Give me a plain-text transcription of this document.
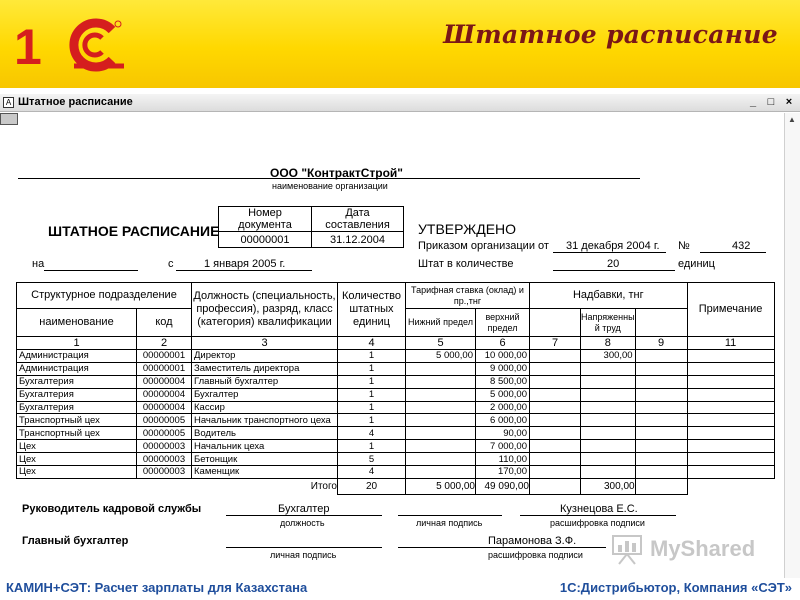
1	Штатное расписание
A Штатное расписание	_	□	×
▲
ООО "КонтрактСтрой"
наименование организации
ШТАТНОЕ РАСПИСАНИЕ
Номер документа	Дата составления
00000001	31.12.2004
УТВЕРЖДЕНО
Приказом организации от 31 декабря 2004 г. №	432
Штат в количестве	20	единиц
на	с	1 января 2005 г.
Структурное подразделение		Должность (специальность, профессия), разряд, класс (категория) квалификации	Количество штатных единиц	Тарифная ставка (оклад) и пр.,тнг		Надбавки, тнг			Примечание
наименование	код			Нижний предел	верхний предел		Напряженны й труд		
1	2	3	4	5	6	7	8	9	11
Администрация	00000001	Директор	1	5 000,00	10 000,00		300,00		
Администрация	00000001	Заместитель директора	1		9 000,00				
Бухгалтерия	00000004	Главный бухгалтер	1		8 500,00				
Бухгалтерия	00000004	Бухгалтер	1		5 000,00				
Бухгалтерия	00000004	Кассир	1		2 000,00				
Транспортный цех	00000005	Начальник транспортного цеха	1		6 000,00				
Транспортный цех	00000005	Водитель	4		90,00				
Цех	00000003	Начальник цеха	1		7 000,00				
Цех	00000003	Бетонщик	5		110,00				
Цех	00000003	Каменщик	4		170,00				
		Итого	20	5 000,00	49 090,00		300,00		
Руководитель кадровой службы	Бухгалтер	Кузнецова Е.С.
должность	личная подпись	расшифровка подписи
Главный бухгалтер	Парамонова З.Ф.
личная подпись	расшифровка подписи	MyShared
КАМИН+СЭТ: Расчет зарплаты для Казахстана	1С:Дистрибьютор, Компания «СЭТ»
